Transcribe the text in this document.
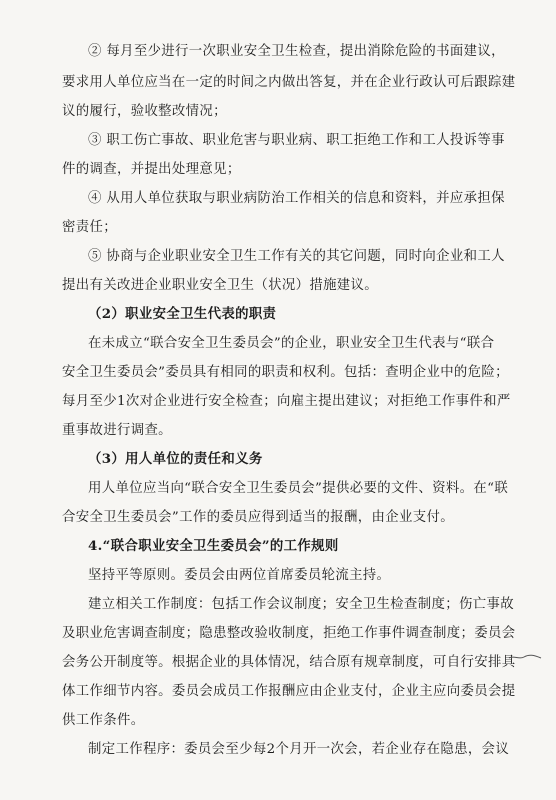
② 每月至少进行一次职业安全卫生检查，提出消除危险的书面建议，
要求用人单位应当在一定的时间之内做出答复，并在企业行政认可后跟踪建
议的履行，验收整改情况；
③ 职工伤亡事故、职业危害与职业病、职工拒绝工作和工人投诉等事
件的调查，并提出处理意见；
④ 从用人单位获取与职业病防治工作相关的信息和资料，并应承担保
密责任；
⑤ 协商与企业职业安全卫生工作有关的其它问题，同时向企业和工人
提出有关改进企业职业安全卫生（状况）措施建议。
（2）职业安全卫生代表的职责
在未成立“联合安全卫生委员会”的企业，职业安全卫生代表与“联合
安全卫生委员会”委员具有相同的职责和权利。包括：查明企业中的危险；
每月至少1次对企业进行安全检查；向雇主提出建议；对拒绝工作事件和严
重事故进行调查。
（3）用人单位的责任和义务
用人单位应当向“联合安全卫生委员会”提供必要的文件、资料。在“联
合安全卫生委员会”工作的委员应得到适当的报酬，由企业支付。
4.“联合职业安全卫生委员会”的工作规则
坚持平等原则。委员会由两位首席委员轮流主持。
建立相关工作制度：包括工作会议制度；安全卫生检查制度；伤亡事故
及职业危害调查制度；隐患整改验收制度，拒绝工作事件调查制度；委员会
会务公开制度等。根据企业的具体情况，结合原有规章制度，可自行安排具
体工作细节内容。委员会成员工作报酬应由企业支付，企业主应向委员会提
供工作条件。
制定工作程序：委员会至少每2个月开一次会，若企业存在隐患，会议
